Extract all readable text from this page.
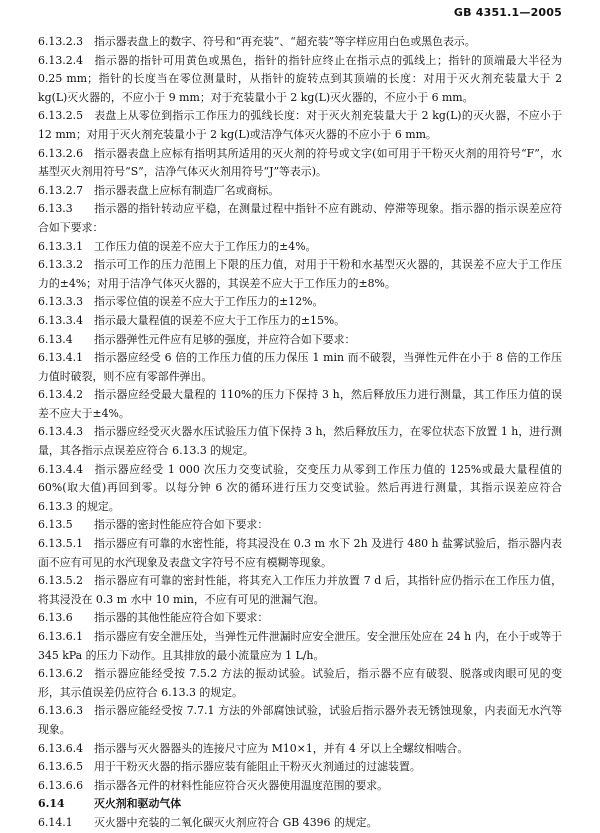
GB 4351.1—2005

6.13.2.3 指示器表盘上的数字、符号和“再充装”、“超充装”等字样应用白色或黑色表示。

6.13.2.4 指示器的指针可用黄色或黑色，指针的指针应终止在指示点的弧线上；指针的顶端最大半径为 0.25 mm；指针的长度当在零位测量时，从指针的旋转点到其顶端的长度：对用于灭火剂充装量大于 2 kg(L)灭火器的，不应小于 9 mm；对于充装量小于 2 kg(L)灭火器的，不应小于 6 mm。

6.13.2.5 表盘上从零位到指示工作压力的弧线长度：对于灭火剂充装量大于 2 kg(L)的灭火器，不应小于 12 mm；对用于灭火剂充装量小于 2 kg(L)或洁净气体灭火器的不应小于 6 mm。

6.13.2.6 指示器表盘上应标有指明其所适用的灭火剂的符号或文字(如可用于干粉灭火剂的用符号“F”，水基型灭火剂用符号“S”，洁净气体灭火剂用符号“J”等表示)。

6.13.2.7 指示器表盘上应标有制造厂名或商标。

6.13.3 指示器的指针转动应平稳，在测量过程中指针不应有跳动、停滞等现象。指示器的指示误差应符合如下要求：

6.13.3.1 工作压力值的误差不应大于工作压力的±4%。

6.13.3.2 指示可工作的压力范围上下限的压力值，对用于干粉和水基型灭火器的，其误差不应大于工作压力的±4%；对用于洁净气体灭火器的，其误差不应大于工作压力的±8%。

6.13.3.3 指示零位值的误差不应大于工作压力的±12%。

6.13.3.4 指示最大量程值的误差不应大于工作压力的±15%。

6.13.4 指示器弹性元件应有足够的强度，并应符合如下要求：

6.13.4.1 指示器应经受 6 倍的工作压力值的压力保压 1 min 而不破裂，当弹性元件在小于 8 倍的工作压力值时破裂，则不应有零部件弹出。

6.13.4.2 指示器应经受最大量程的 110%的压力下保持 3 h，然后释放压力进行测量，其工作压力值的误差不应大于±4%。

6.13.4.3 指示器应经受灭火器水压试验压力值下保持 3 h，然后释放压力，在零位状态下放置 1 h，进行测量，其各指示点误差应符合 6.13.3 的规定。

6.13.4.4 指示器应经受 1 000 次压力交变试验，交变压力从零到工作压力值的 125%或最大量程值的 60%(取大值)再回到零。以每分钟 6 次的循环进行压力交变试验。然后再进行测量，其指示误差应符合 6.13.3 的规定。

6.13.5 指示器的密封性能应符合如下要求：

6.13.5.1 指示器应有可靠的水密性能，将其浸没在 0.3 m 水下 2h 及进行 480 h 盐雾试验后，指示器内表面不应有可见的水汽现象及表盘文字符号不应有模糊等现象。

6.13.5.2 指示器应有可靠的密封性能，将其充入工作压力并放置 7 d 后，其指针应仍指示在工作压力值，将其浸没在 0.3 m 水中 10 min，不应有可见的泄漏气泡。

6.13.6 指示器的其他性能应符合如下要求：

6.13.6.1 指示器应有安全泄压处，当弹性元件泄漏时应安全泄压。安全泄压处应在 24 h 内，在小于或等于 345 kPa 的压力下动作。且其排放的最小流量应为 1 L/h。

6.13.6.2 指示器应能经受按 7.5.2 方法的振动试验。试验后，指示器不应有破裂、脱落或肉眼可见的变形，其示值误差仍应符合 6.13.3 的规定。

6.13.6.3 指示器应能经受按 7.7.1 方法的外部腐蚀试验，试验后指示器外表无锈蚀现象，内表面无水汽等现象。

6.13.6.4 指示器与灭火器器头的连接尺寸应为 M10×1，并有 4 牙以上全螺纹相啮合。

6.13.6.5 用于干粉灭火器的指示器应装有能阻止干粉灭火剂通过的过滤装置。

6.13.6.6 指示器各元件的材料性能应符合灭火器使用温度范围的要求。

6.14	灭火剂和驱动气体

6.14.1 灭火器中充装的二氧化碳灭火剂应符合 GB 4396 的规定。
